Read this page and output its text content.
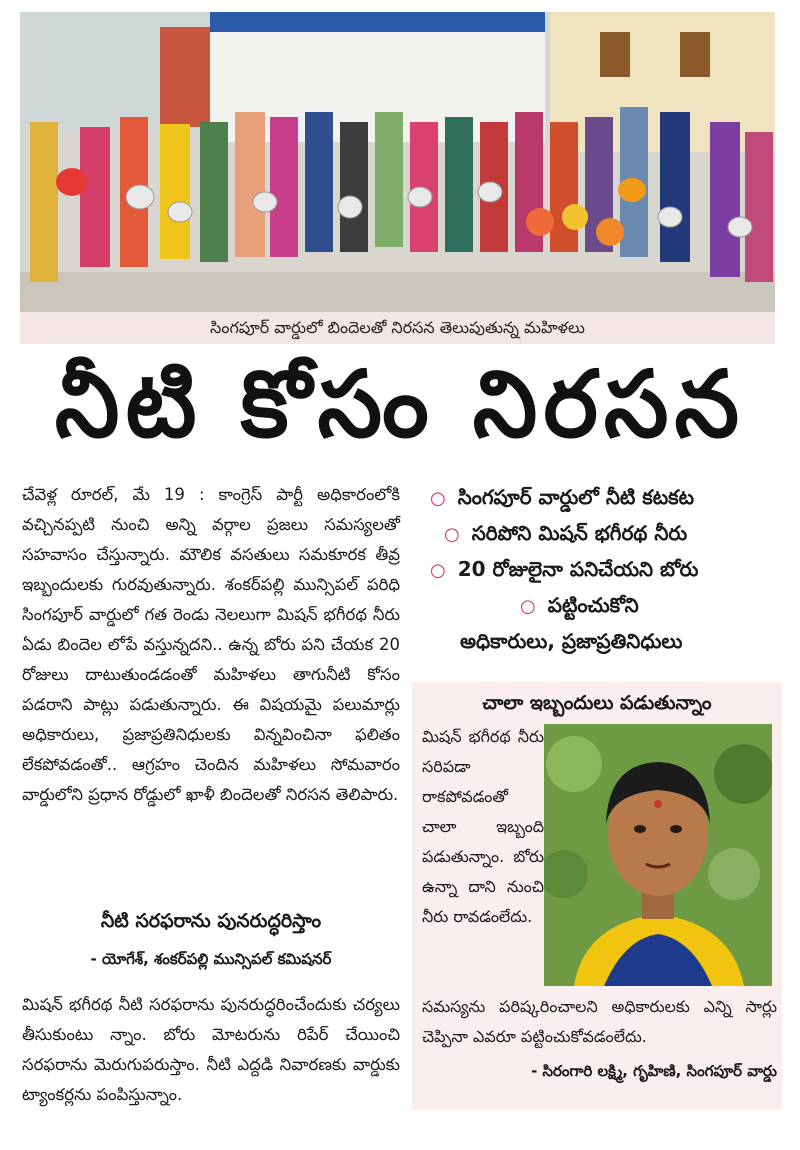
సింగపూర్ వార్డులో బిందెలతో నిరసన తెలుపుతున్న మహిళలు
నీటి కోసం నిరసన

చేవెళ్ల రూరల్, మే 19 : కాంగ్రెస్ పార్టీ అధికారంలోకి వచ్చినప్పటి నుంచి అన్ని వర్గాల ప్రజలు సమస్యలతో సహవాసం చేస్తున్నారు. మౌలిక వసతులు సమకూరక తీవ్ర ఇబ్బందులకు గురవుతున్నారు. శంకర్‌పల్లి మున్సిపల్ పరిధి సింగపూర్ వార్డులో గత రెండు నెలలుగా మిషన్ భగీరథ నీరు ఏడు బిందెల లోపే వస్తున్నదని.. ఉన్న బోరు పని చేయక 20 రోజులు దాటుతుండడంతో మహిళలు తాగునీటి కోసం పడరాని పాట్లు పడుతున్నారు. ఈ విషయమై పలుమార్లు అధికారులు, ప్రజాప్రతినిధులకు విన్నవించినా ఫలితం లేకపోవడంతో.. ఆగ్రహం చెందిన మహిళలు సోమవారం వార్డులోని ప్రధాన రోడ్డులో ఖాళీ బిందెలతో నిరసన తెలిపారు.

నీటి సరఫరాను పునరుద్ధరిస్తాం
- యోగేశ్, శంకర్‌పల్లి మున్సిపల్ కమిషనర్

మిషన్ భగీరథ నీటి సరఫరాను పునరుద్ధరించేందుకు చర్యలు తీసుకుంటు న్నాం. బోరు మోటరును రిపేర్ చేయించి సరఫరాను మెరుగుపరుస్తాం. నీటి ఎద్దడి నివారణకు వార్డుకు ట్యాంకర్లను పంపిస్తున్నాం.

○ సింగపూర్ వార్డులో నీటి కటకట
○ సరిపోని మిషన్ భగీరథ నీరు
○ 20 రోజులైనా పనిచేయని బోరు
○ పట్టించుకోని
అధికారులు, ప్రజాప్రతినిధులు
చాలా ఇబ్బందులు పడుతున్నాం
మిషన్ భగీరథ నీరు సరిపడా రాకపోవడంతో చాలా ఇబ్బంది పడుతున్నాం. బోరు ఉన్నా దాని నుంచి నీరు రావడంలేదు.
సమస్యను పరిష్కరించాలని అధికారులకు ఎన్ని సార్లు చెప్పినా ఎవరూ పట్టించుకోవడంలేదు.
- సిరంగారి లక్ష్మి, గృహిణి, సింగపూర్ వార్డు
